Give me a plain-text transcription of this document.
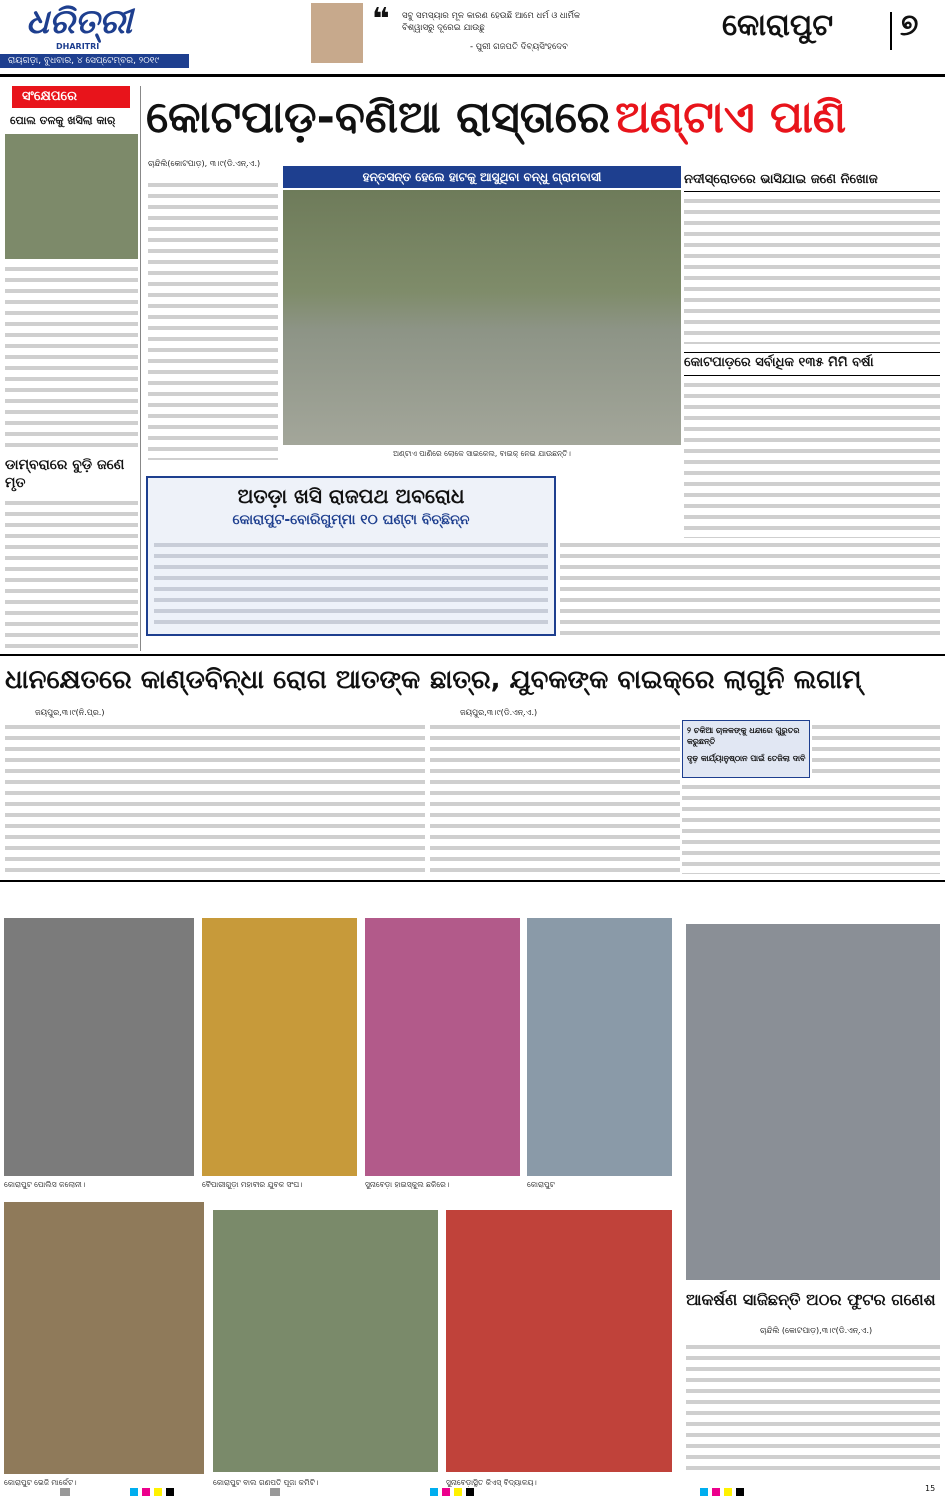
ଧରିତ୍ରୀ
DHARITRI
ରାୟଗଡ଼ା, ବୁଧବାର, ୪ ସେପ୍ଟେମ୍ବର, ୨୦୧୯
❝ ସବୁ ସମସ୍ୟାର ମୂଳ କାରଣ ହେଉଛି ଆମେ ଧର୍ମ ଓ ଧାର୍ମିକ ବିଶ୍ୱାସରୁ ଦୂରେଇ ଯାଉଛୁ
- ପୁରୀ ଗଜପତି ଦିବ୍ୟସିଂହଦେବ
କୋରାପୁଟ ୭
ସଂକ୍ଷେପରେ
ପୋଲ ତଳକୁ ଖସିଲା କାର୍
ଡାମ୍ବରାରେ ବୁଡ଼ି ଜଣେ ମୃତ
କୋଟପାଡ଼-ବଣିଆ ରାସ୍ତାରେ ଅଣ୍ଟାଏ ପାଣି
ଚାନ୍ଦିଲି(କୋଟପାଡ଼), ୩।୯(ଡି.ଏନ୍.ଏ.)
ହନ୍ତସନ୍ତ ହେଲେ ହାଟକୁ ଆସୁଥିବା ବନ୍ଧୁ ଗ୍ରାମବାସୀ
ଅଣ୍ଟାଏ ପାଣିରେ ଲୋକେ ସାଇକେଲ, ବାଇକ୍ ନେଇ ଯାଉଛନ୍ତି।
ନଦୀସ୍ରୋତରେ ଭାସିଯାଇ ଜଣେ ନିଖୋଜ
କୋଟପାଡ଼ରେ ସର୍ବାଧିକ ୧୩୫ ମିମି ବର୍ଷା
ଅତଡ଼ା ଖସି ରାଜପଥ ଅବରୋଧ
କୋରାପୁଟ-ବୋରିଗୁମ୍ମା ୧୦ ଘଣ୍ଟା ବିଚ୍ଛିନ୍ନ
ଧାନକ୍ଷେତରେ କାଣ୍ଡବିନ୍ଧା ରୋଗ ଆତଙ୍କ
ଜୟପୁର,୩।୯(ନି.ପ୍ର.)
ଛାତ୍ର, ଯୁବକଙ୍କ ବାଇକ୍‌ରେ ଲାଗୁନି ଲଗାମ୍
ଜୟପୁର,୩।୯(ଡି.ଏନ୍.ଏ.)
୨ ଚକିଆ ଚାଳକଙ୍କୁ ଧନ୍ଦାରେ ଗୁରୁତର କରୁଛନ୍ତି
ଦୃଢ଼ କାର୍ଯ୍ୟାନୁଷ୍ଠାନ ପାଇଁ ତେଜିଲା ଦାବି
କୋରାପୁଟ ପୋଲିସ କଲୋନୀ।	ବୈପାରୀଗୁଡ଼ା ମହାବୀର ଯୁବକ ସଂଘ।	ସୁନାବେଡ଼ା ହାଇସ୍କୁଲ ଛକିରେ।	କୋରାପୁଟ
କୋରାପୁଟ ଭେଜି ମାର୍କେଟ।	କୋରାପୁଟ ବାଲ ଗଣପତି ପୂଜା କମିଟି।	ସୁନାବେଡ଼ାସ୍ଥିତ କିଏସ୍ ବିଦ୍ୟାଳୟ।
ଆକର୍ଷଣ ସାଜିଛନ୍ତି ଅଠର ଫୁଟର ଗଣେଶ
ଚାନ୍ଦିଲି (କୋଟପାଡ଼),୩।୯(ଡି.ଏନ୍.ଏ.)
15
